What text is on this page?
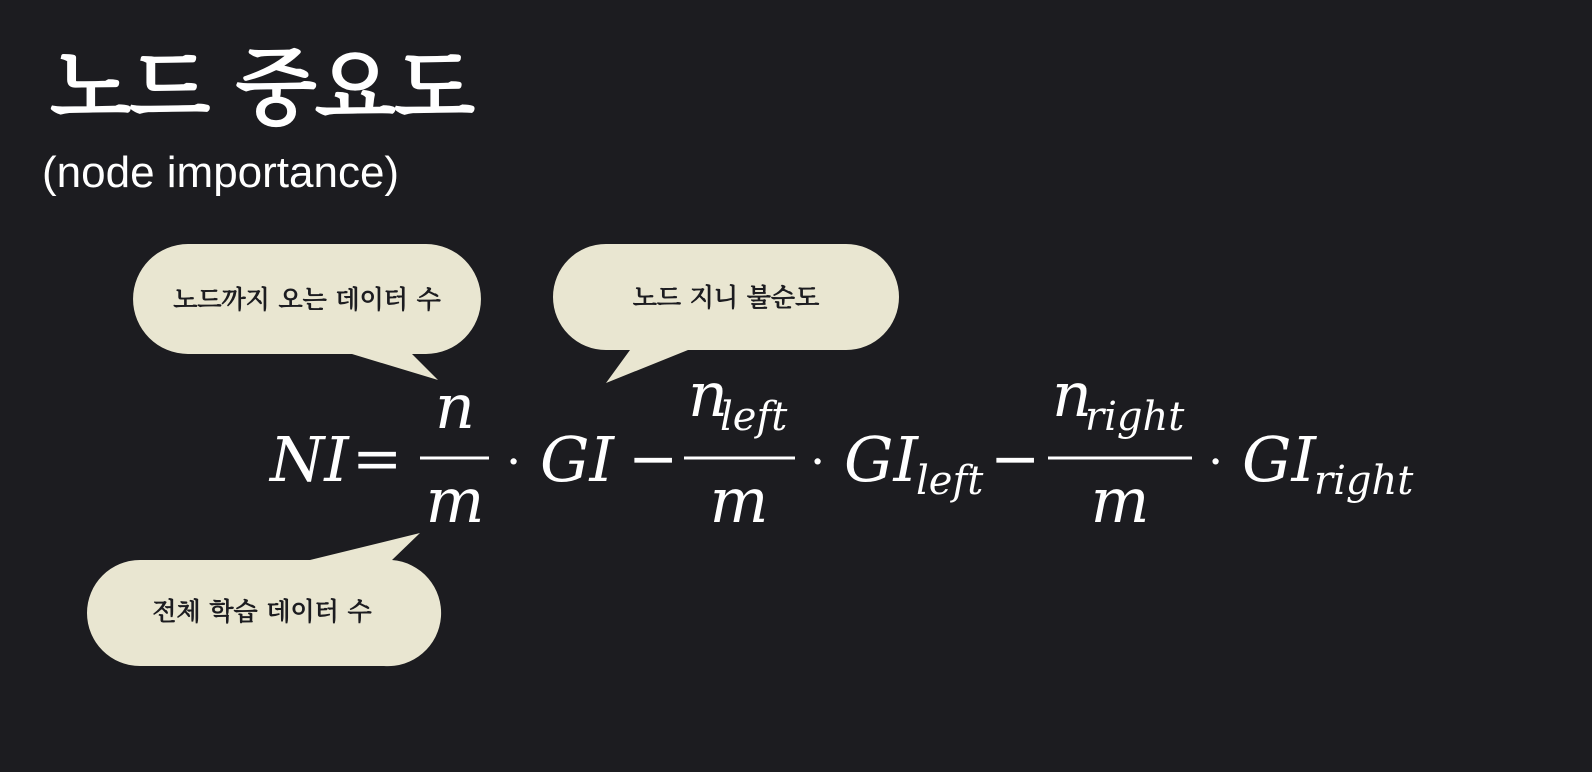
노드 중요도
(node importance)
노드까지 오는 데이터 수	노드 지니 불순도
전체 학습 데이터 수
NI =
n
m
· GI −
n
left
m
· GI
left −
n
right
m
· GI
right
